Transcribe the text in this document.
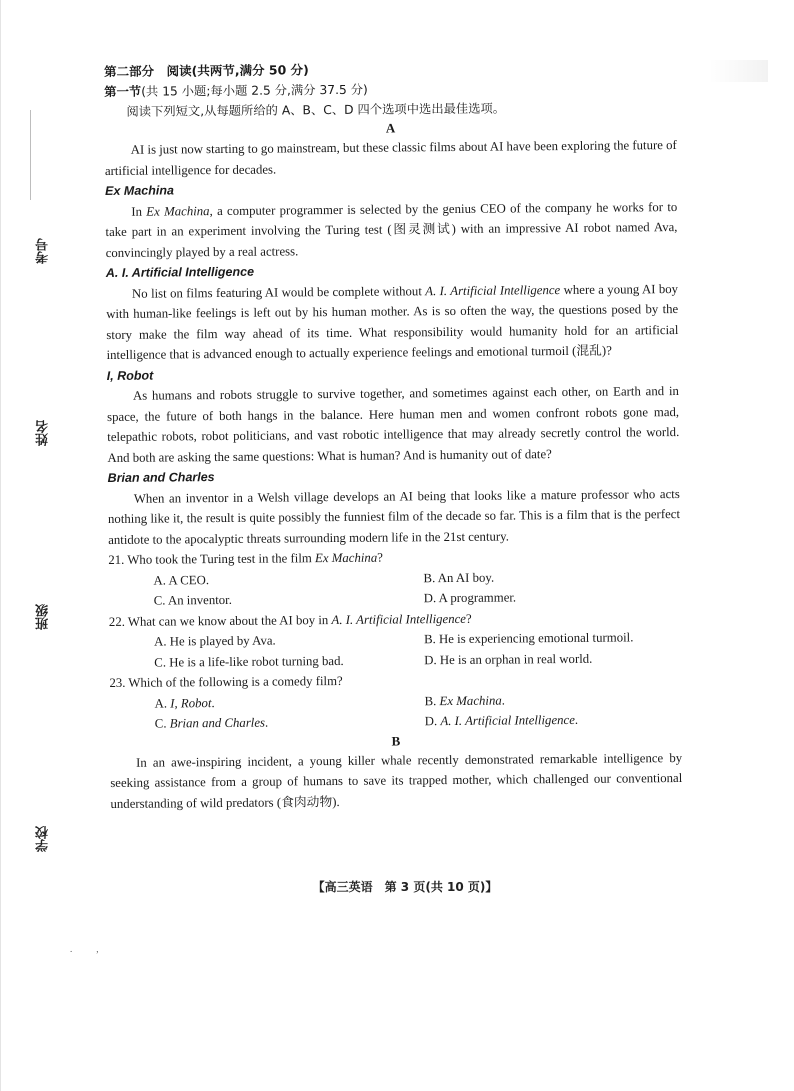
考号
姓名
班级
学校
第二部分　阅读(共两节,满分 50 分)
第一节(共 15 小题;每小题 2.5 分,满分 37.5 分)
阅读下列短文,从每题所给的 A、B、C、D 四个选项中选出最佳选项。
A

AI is just now starting to go mainstream, but these classic films about AI have been exploring the future of artificial intelligence for decades.

Ex Machina

In Ex Machina, a computer programmer is selected by the genius CEO of the company he works for to take part in an experiment involving the Turing test (图灵测试) with an impressive AI robot named Ava, convincingly played by a real actress.

A. I. Artificial Intelligence

No list on films featuring AI would be complete without A. I. Artificial Intelligence where a young AI boy with human-like feelings is left out by his human mother. As is so often the way, the questions posed by the story make the film way ahead of its time. What responsibility would humanity hold for an artificial intelligence that is advanced enough to actually experience feelings and emotional turmoil (混乱)?

I, Robot

As humans and robots struggle to survive together, and sometimes against each other, on Earth and in space, the future of both hangs in the balance. Here human men and women confront robots gone mad, telepathic robots, robot politicians, and vast robotic intelligence that may already secretly control the world. And both are asking the same questions: What is human? And is humanity out of date?

Brian and Charles

When an inventor in a Welsh village develops an AI being that looks like a mature professor who acts nothing like it, the result is quite possibly the funniest film of the decade so far. This is a film that is the perfect antidote to the apocalyptic threats surrounding modern life in the 21st century.

21. Who took the Turing test in the film Ex Machina?

A. A CEO.	B. An AI boy.

C. An inventor.	D. A programmer.

22. What can we know about the AI boy in A. I. Artificial Intelligence?

A. He is played by Ava.	B. He is experiencing emotional turmoil.

C. He is a life-like robot turning bad.	D. He is an orphan in real world.

23. Which of the following is a comedy film?

A. I, Robot.	B. Ex Machina.

C. Brian and Charles.	D. A. I. Artificial Intelligence.

B

In an awe-inspiring incident, a young killer whale recently demonstrated remarkable intelligence by seeking assistance from a group of humans to save its trapped mother, which challenged our conventional understanding of wild predators (食肉动物).

【高三英语　第 3 页(共 10 页)】
.	,
